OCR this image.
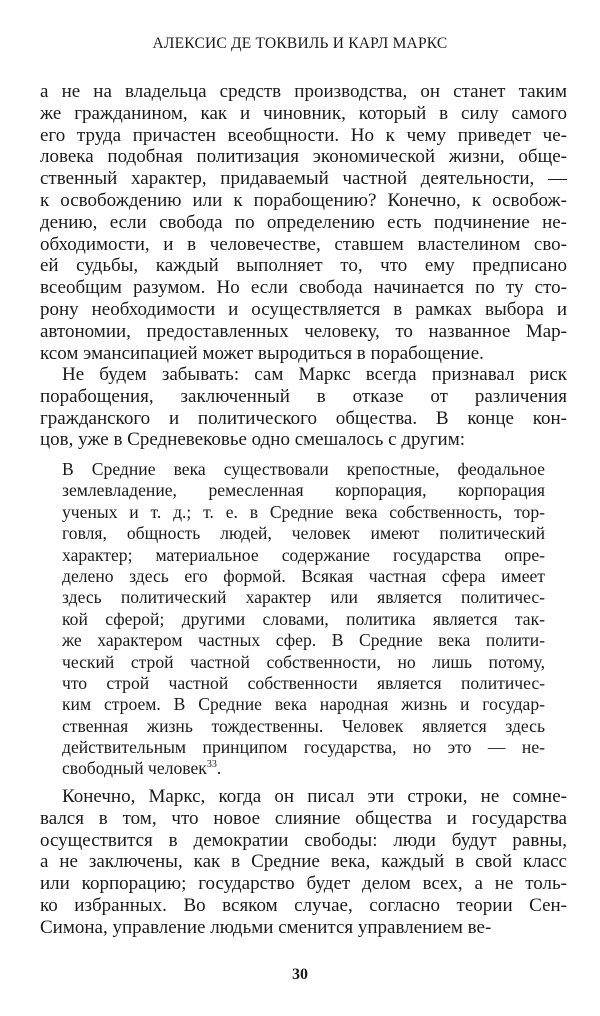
АЛЕКСИС ДЕ ТОКВИЛЬ И КАРЛ МАРКС
а не на владельца средств производства, он станет таким
же гражданином, как и чиновник, который в силу самого
его труда причастен всеобщности. Но к чему приведет че-
ловека подобная политизация экономической жизни, обще-
ственный характер, придаваемый частной деятельности, —
к освобождению или к порабощению? Конечно, к освобож-
дению, если свобода по определению есть подчинение не-
обходимости, и в человечестве, ставшем властелином сво-
ей судьбы, каждый выполняет то, что ему предписано
всеобщим разумом. Но если свобода начинается по ту сто-
рону необходимости и осуществляется в рамках выбора и
автономии, предоставленных человеку, то названное Мар-
ксом эмансипацией может выродиться в порабощение.
Не будем забывать: сам Маркс всегда признавал риск
порабощения, заключенный в отказе от различения
гражданского и политического общества. В конце кон-
цов, уже в Средневековье одно смешалось с другим:
В Средние века существовали крепостные, феодальное
землевладение, ремесленная корпорация, корпорация
ученых и т. д.; т. е. в Средние века собственность, тор-
говля, общность людей, человек имеют политический
характер; материальное содержание государства опре-
делено здесь его формой. Всякая частная сфера имеет
здесь политический характер или является политичес-
кой сферой; другими словами, политика является так-
же характером частных сфер. В Средние века полити-
ческий строй частной собственности, но лишь потому,
что строй частной собственности является политичес-
ким строем. В Средние века народная жизнь и государ-
ственная жизнь тождественны. Человек является здесь
действительным принципом государства, но это — не-
свободный человек$^{33}$.
Конечно, Маркс, когда он писал эти строки, не сомне-
вался в том, что новое слияние общества и государства
осуществится в демократии свободы: люди будут равны,
а не заключены, как в Средние века, каждый в свой класс
или корпорацию; государство будет делом всех, а не толь-
ко избранных. Во всяком случае, согласно теории Сен-
Симона, управление людьми сменится управлением ве-
30
